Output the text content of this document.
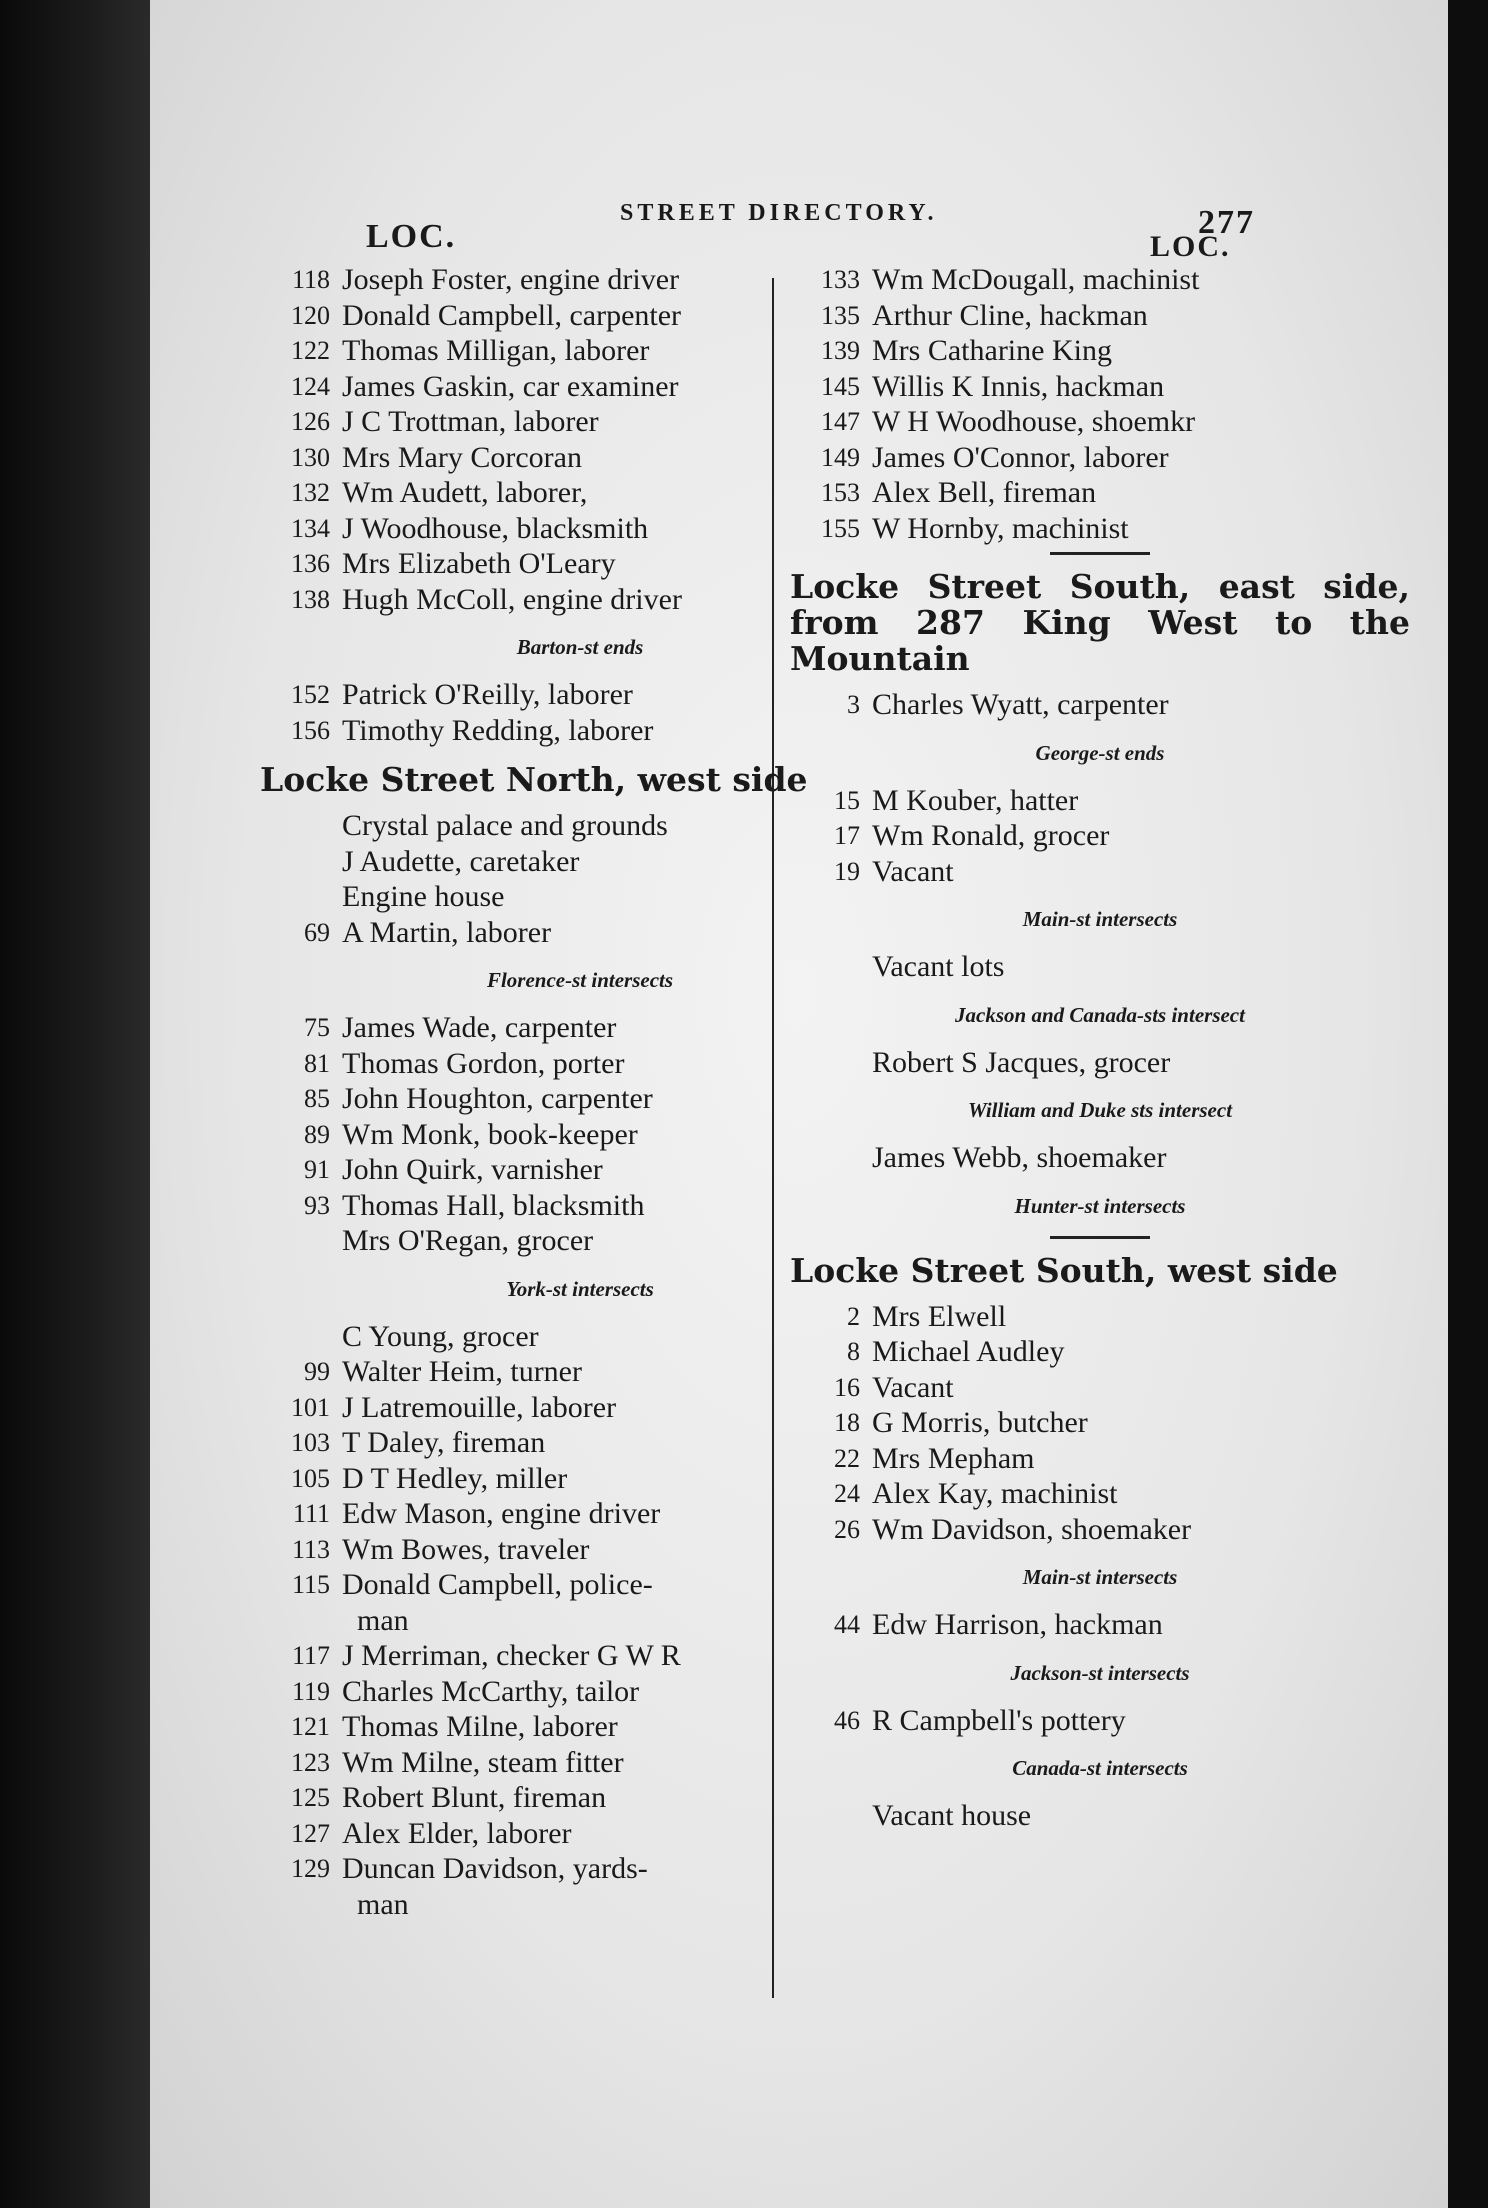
LOC.
STREET DIRECTORY.
LOC.
277
118 Joseph Foster, engine driver
120 Donald Campbell, carpenter
122 Thomas Milligan, laborer
124 James Gaskin, car examiner
126 J C Trottman, laborer
130 Mrs Mary Corcoran
132 Wm Audett, laborer,
134 J Woodhouse, blacksmith
136 Mrs Elizabeth O'Leary
138 Hugh McColl, engine driver
Barton-st ends
152 Patrick O'Reilly, laborer
156 Timothy Redding, laborer
Locke Street North, west side
Crystal palace and grounds
J Audette, caretaker
Engine house
69 A Martin, laborer
Florence-st intersects
75 James Wade, carpenter
81 Thomas Gordon, porter
85 John Houghton, carpenter
89 Wm Monk, book-keeper
91 John Quirk, varnisher
93 Thomas Hall, blacksmith
Mrs O'Regan, grocer
York-st intersects
C Young, grocer
99 Walter Heim, turner
101 J Latremouille, laborer
103 T Daley, fireman
105 D T Hedley, miller
111 Edw Mason, engine driver
113 Wm Bowes, traveler
115 Donald Campbell, police-
man
117 J Merriman, checker G W R
119 Charles McCarthy, tailor
121 Thomas Milne, laborer
123 Wm Milne, steam fitter
125 Robert Blunt, fireman
127 Alex Elder, laborer
129 Duncan Davidson, yards-
man
133 Wm McDougall, machinist
135 Arthur Cline, hackman
139 Mrs Catharine King
145 Willis K Innis, hackman
147 W H Woodhouse, shoemkr
149 James O'Connor, laborer
153 Alex Bell, fireman
155 W Hornby, machinist
Locke Street South, east side, from 287 King West to the Mountain
3 Charles Wyatt, carpenter
George-st ends
15 M Kouber, hatter
17 Wm Ronald, grocer
19 Vacant
Main-st intersects
Vacant lots
Jackson and Canada-sts intersect
Robert S Jacques, grocer
William and Duke sts intersect
James Webb, shoemaker
Hunter-st intersects
Locke Street South, west side
2 Mrs Elwell
8 Michael Audley
16 Vacant
18 G Morris, butcher
22 Mrs Mepham
24 Alex Kay, machinist
26 Wm Davidson, shoemaker
Main-st intersects
44 Edw Harrison, hackman
Jackson-st intersects
46 R Campbell's pottery
Canada-st intersects
Vacant house
